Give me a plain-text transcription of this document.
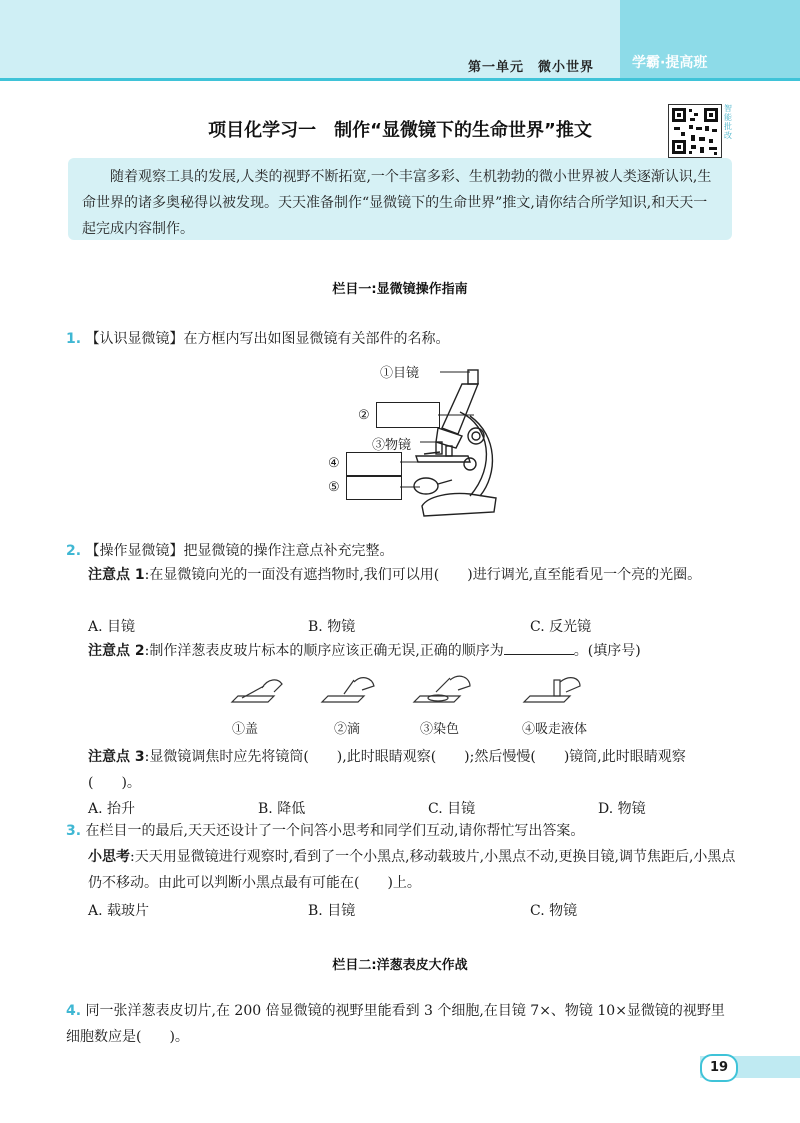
第一单元　微小世界	学霸·提高班
项目化学习一　制作“显微镜下的生命世界”推文
智能批改

随着观察工具的发展,人类的视野不断拓宽,一个丰富多彩、生机勃勃的微小世界被人类逐渐认识,生命世界的诸多奥秘得以被发现。天天准备制作“显微镜下的生命世界”推文,请你结合所学知识,和天天一起完成内容制作。

栏目一:显微镜操作指南
1. 【认识显微镜】在方框内写出如图显微镜有关部件的名称。
①目镜
②
③物镜
④
⑤
2. 【操作显微镜】把显微镜的操作注意点补充完整。
注意点 1:在显微镜向光的一面没有遮挡物时,我们可以用(　　)进行调光,直至能看见一个亮的光圈。
A. 目镜	B. 物镜	C. 反光镜
注意点 2:制作洋葱表皮玻片标本的顺序应该正确无误,正确的顺序为	。(填序号)
①盖	②滴	③染色	④吸走液体
注意点 3:显微镜调焦时应先将镜筒(　　),此时眼睛观察(　　);然后慢慢(　　)镜筒,此时眼睛观察(　　)。
A. 抬升	B. 降低	C. 目镜	D. 物镜
3. 在栏目一的最后,天天还设计了一个问答小思考和同学们互动,请你帮忙写出答案。
小思考:天天用显微镜进行观察时,看到了一个小黑点,移动载玻片,小黑点不动,更换目镜,调节焦距后,小黑点仍不移动。由此可以判断小黑点最有可能在(　　)上。
A. 载玻片	B. 目镜	C. 物镜
栏目二:洋葱表皮大作战
4. 同一张洋葱表皮切片,在 200 倍显微镜的视野里能看到 3 个细胞,在目镜 7×、物镜 10×显微镜的视野里细胞数应是(　　)。
19
